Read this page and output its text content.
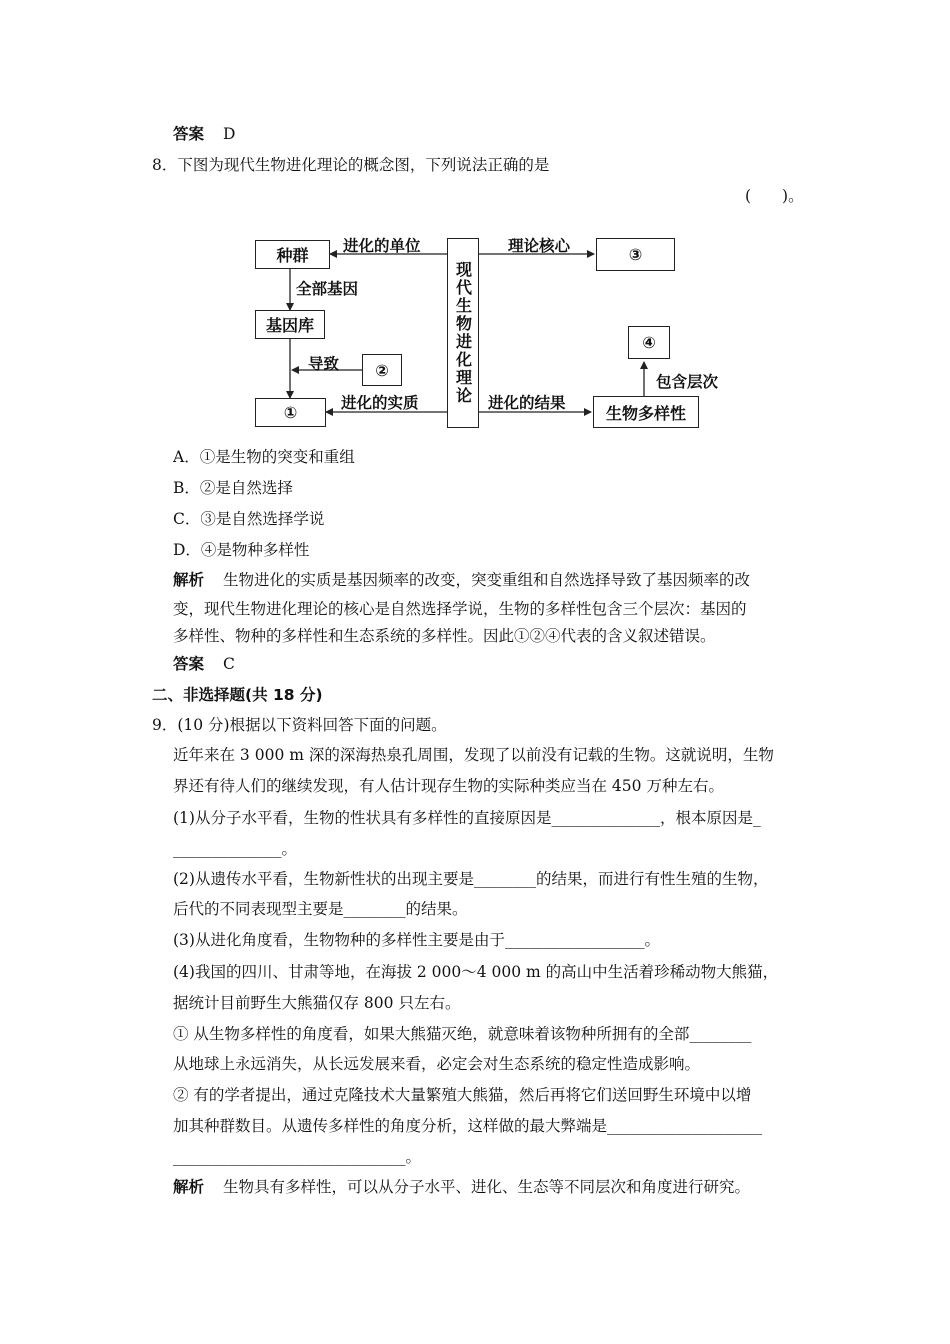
答案 D
8．下图为现代生物进化理论的概念图，下列说法正确的是
(　　)。
现代生物进化理论
种群
基因库
①
②
③
④
生物多样性
进化的单位
全部基因
导致
进化的实质
理论核心
进化的结果
包含层次
A．①是生物的突变和重组
B．②是自然选择
C．③是自然选择学说
D．④是物种多样性
解析 生物进化的实质是基因频率的改变，突变重组和自然选择导致了基因频率的改
变，现代生物进化理论的核心是自然选择学说，生物的多样性包含三个层次：基因的
多样性、物种的多样性和生态系统的多样性。因此①②④代表的含义叙述错误。
答案 C
二、非选择题(共 18 分)
9．(10 分)根据以下资料回答下面的问题。
近年来在 3 000 m 深的深海热泉孔周围，发现了以前没有记载的生物。这就说明，生物
界还有待人们的继续发现，有人估计现存生物的实际种类应当在 450 万种左右。
(1)从分子水平看，生物的性状具有多样性的直接原因是______________，根本原因是_
______________。
(2)从遗传水平看，生物新性状的出现主要是________的结果，而进行有性生殖的生物，
后代的不同表现型主要是________的结果。
(3)从进化角度看，生物物种的多样性主要是由于__________________。
(4)我国的四川、甘肃等地，在海拔 2 000～4 000 m 的高山中生活着珍稀动物大熊猫，
据统计目前野生大熊猫仅存 800 只左右。
① 从生物多样性的角度看，如果大熊猫灭绝，就意味着该物种所拥有的全部________
从地球上永远消失，从长远发展来看，必定会对生态系统的稳定性造成影响。
② 有的学者提出，通过克隆技术大量繁殖大熊猫，然后再将它们送回野生环境中以增
加其种群数目。从遗传多样性的角度分析，这样做的最大弊端是____________________
______________________________。
解析 生物具有多样性，可以从分子水平、进化、生态等不同层次和角度进行研究。
